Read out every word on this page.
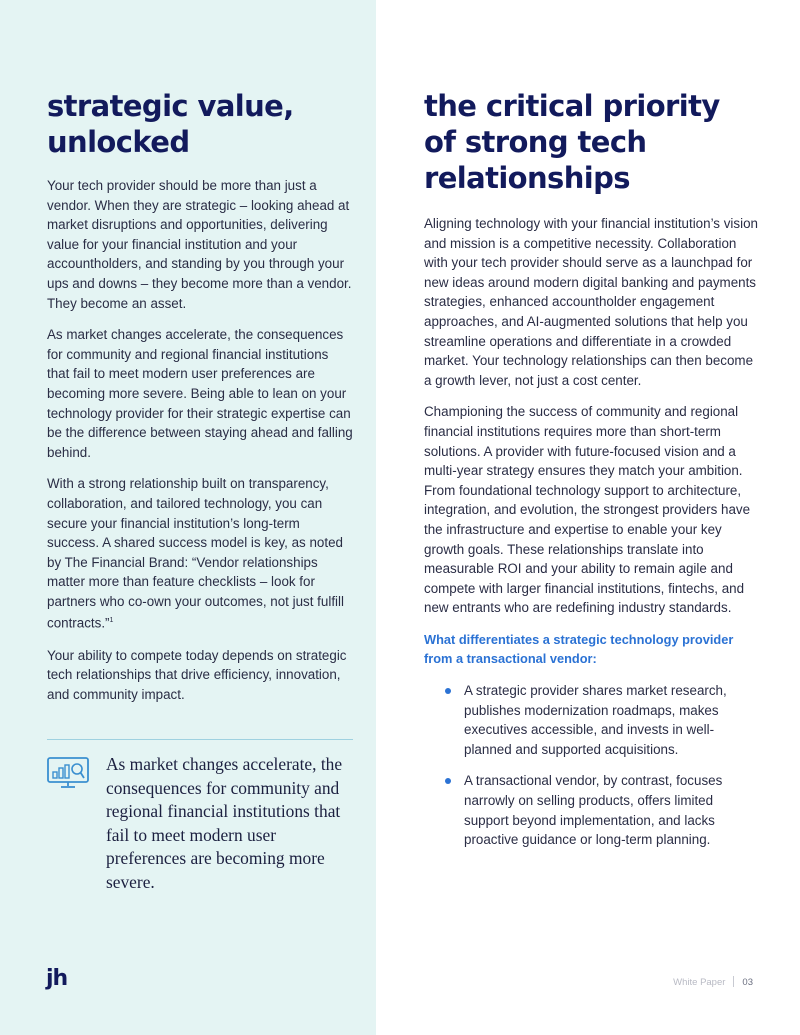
strategic value,
unlocked

Your tech provider should be more than just a vendor. When they are strategic – looking ahead at market disruptions and opportunities, delivering value for your financial institution and your accountholders, and standing by you through your ups and downs – they become more than a vendor. They become an asset.

As market changes accelerate, the consequences for community and regional financial institutions that fail to meet modern user preferences are becoming more severe. Being able to lean on your technology provider for their strategic expertise can be the difference between staying ahead and falling behind.

With a strong relationship built on transparency, collaboration, and tailored technology, you can secure your financial institution’s long-term success. A shared success model is key, as noted by The Financial Brand: “Vendor relationships matter more than feature checklists – look for partners who co-own your outcomes, not just fulfill contracts.”$^1$

Your ability to compete today depends on strategic tech relationships that drive efficiency, innovation, and community impact.

As market changes accelerate, the consequences for community and regional financial institutions that fail to meet modern user preferences are becoming more severe.
the critical priority
of strong tech
relationships

Aligning technology with your financial institution’s vision and mission is a competitive necessity. Collaboration with your tech provider should serve as a launchpad for new ideas around modern digital banking and payments strategies, enhanced accountholder engagement approaches, and AI-augmented solutions that help you streamline operations and differentiate in a crowded market. Your technology relationships can then become a growth lever, not just a cost center.

Championing the success of community and regional financial institutions requires more than short-term solutions. A provider with future-focused vision and a multi-year strategy ensures they match your ambition. From foundational technology support to architecture, integration, and evolution, the strongest providers have the infrastructure and expertise to enable your key growth goals. These relationships translate into measurable ROI and your ability to remain agile and compete with larger financial institutions, fintechs, and new entrants who are redefining industry standards.

What differentiates a strategic technology provider from a transactional vendor:
A strategic provider shares market research, publishes modernization roadmaps, makes executives accessible, and invests in well-planned and supported acquisitions.
A transactional vendor, by contrast, focuses narrowly on selling products, offers limited support beyond implementation, and lacks proactive guidance or long-term planning.
jh	White Paper 03
